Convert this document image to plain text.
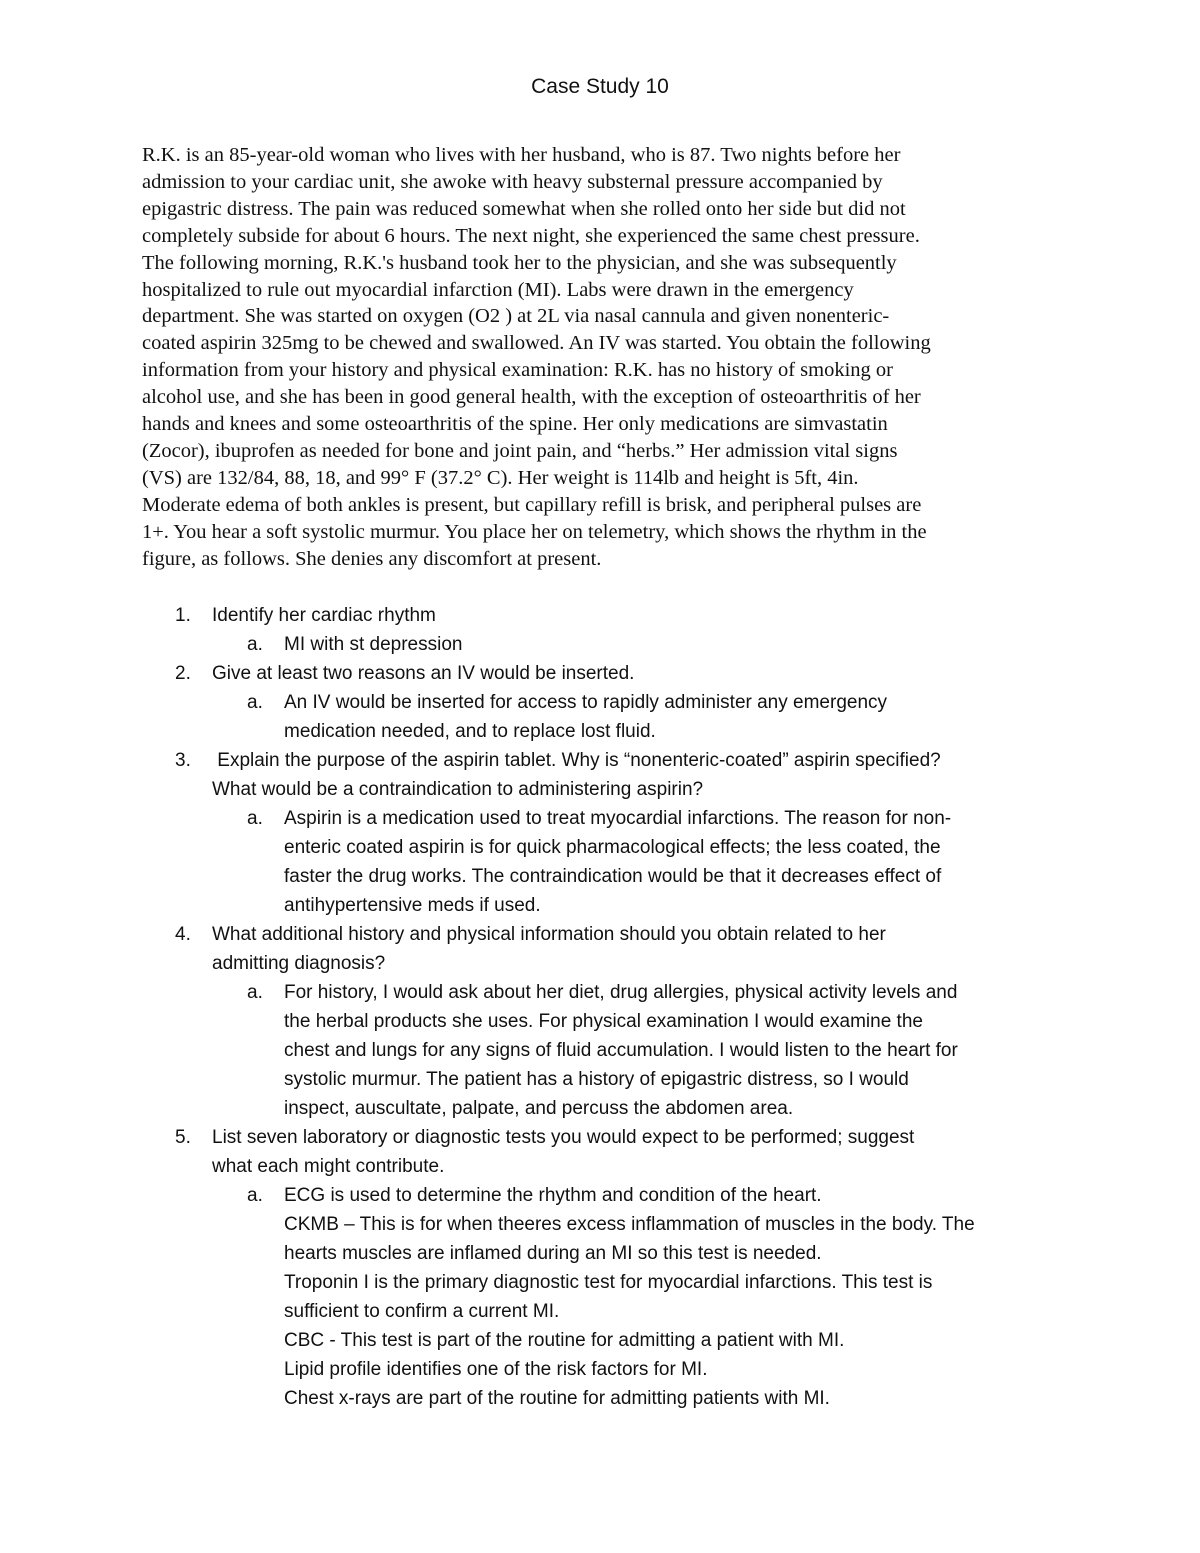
Case Study 10

R.K. is an 85-year-old woman who lives with her husband, who is 87. Two nights before her
admission to your cardiac unit, she awoke with heavy substernal pressure accompanied by
epigastric distress. The pain was reduced somewhat when she rolled onto her side but did not
completely subside for about 6 hours. The next night, she experienced the same chest pressure.
The following morning, R.K.'s husband took her to the physician, and she was subsequently
hospitalized to rule out myocardial infarction (MI). Labs were drawn in the emergency
department. She was started on oxygen (O2 ) at 2L via nasal cannula and given nonenteric-
coated aspirin 325mg to be chewed and swallowed. An IV was started. You obtain the following
information from your history and physical examination: R.K. has no history of smoking or
alcohol use, and she has been in good general health, with the exception of osteoarthritis of her
hands and knees and some osteoarthritis of the spine. Her only medications are simvastatin
(Zocor), ibuprofen as needed for bone and joint pain, and “herbs.” Her admission vital signs
(VS) are 132/84, 88, 18, and 99° F (37.2° C). Her weight is 114lb and height is 5ft, 4in.
Moderate edema of both ankles is present, but capillary refill is brisk, and peripheral pulses are
1+. You hear a soft systolic murmur. You place her on telemetry, which shows the rhythm in the
figure, as follows. She denies any discomfort at present.

1. Identify her cardiac rhythm
a. MI with st depression
2. Give at least two reasons an IV would be inserted.
a. An IV would be inserted for access to rapidly administer any emergency
medication needed, and to replace lost fluid.
3. Explain the purpose of the aspirin tablet. Why is “nonenteric-coated” aspirin specified?
What would be a contraindication to administering aspirin?
a. Aspirin is a medication used to treat myocardial infarctions. The reason for non-
enteric coated aspirin is for quick pharmacological effects; the less coated, the
faster the drug works. The contraindication would be that it decreases effect of
antihypertensive meds if used.
4. What additional history and physical information should you obtain related to her
admitting diagnosis?
a. For history, I would ask about her diet, drug allergies, physical activity levels and
the herbal products she uses. For physical examination I would examine the
chest and lungs for any signs of fluid accumulation. I would listen to the heart for
systolic murmur. The patient has a history of epigastric distress, so I would
inspect, auscultate, palpate, and percuss the abdomen area.
5. List seven laboratory or diagnostic tests you would expect to be performed; suggest
what each might contribute.
a. ECG is used to determine the rhythm and condition of the heart.
CKMB – This is for when theeres excess inflammation of muscles in the body. The
hearts muscles are inflamed during an MI so this test is needed.
Troponin I is the primary diagnostic test for myocardial infarctions. This test is
sufficient to confirm a current MI.
CBC - This test is part of the routine for admitting a patient with MI.
Lipid profile identifies one of the risk factors for MI.
Chest x-rays are part of the routine for admitting patients with MI.
